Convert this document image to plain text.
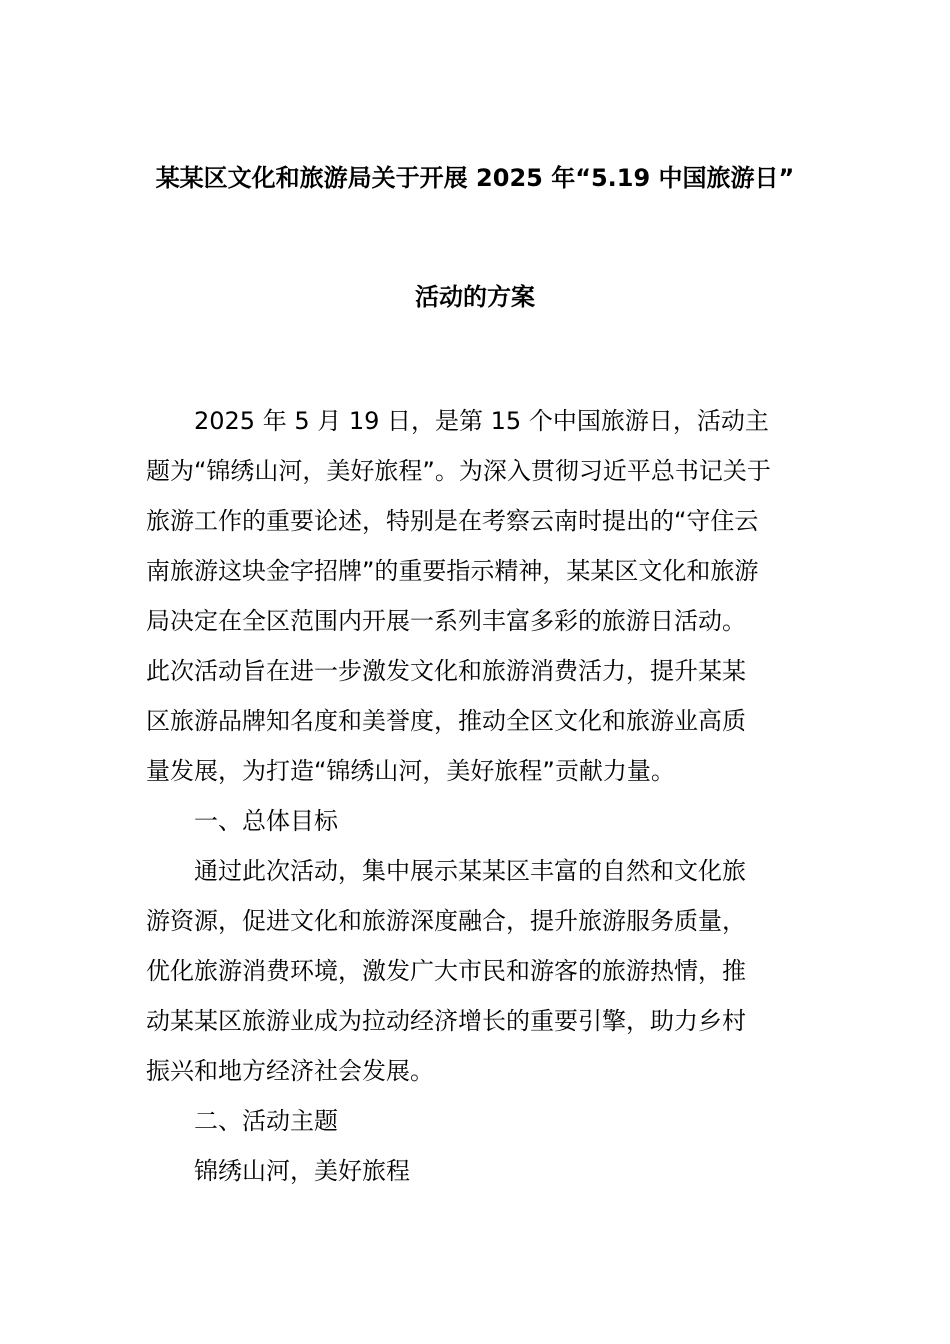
某某区文化和旅游局关于开展 2025 年“5.19 中国旅游日”
活动的方案
2025 年 5 月 19 日，是第 15 个中国旅游日，活动主
题为“锦绣山河，美好旅程”。为深入贯彻习近平总书记关于
旅游工作的重要论述，特别是在考察云南时提出的“守住云
南旅游这块金字招牌”的重要指示精神，某某区文化和旅游
局决定在全区范围内开展一系列丰富多彩的旅游日活动。
此次活动旨在进一步激发文化和旅游消费活力，提升某某
区旅游品牌知名度和美誉度，推动全区文化和旅游业高质
量发展，为打造“锦绣山河，美好旅程”贡献力量。
一、总体目标
通过此次活动，集中展示某某区丰富的自然和文化旅
游资源，促进文化和旅游深度融合，提升旅游服务质量，
优化旅游消费环境，激发广大市民和游客的旅游热情，推
动某某区旅游业成为拉动经济增长的重要引擎，助力乡村
振兴和地方经济社会发展。
二、活动主题
锦绣山河，美好旅程
